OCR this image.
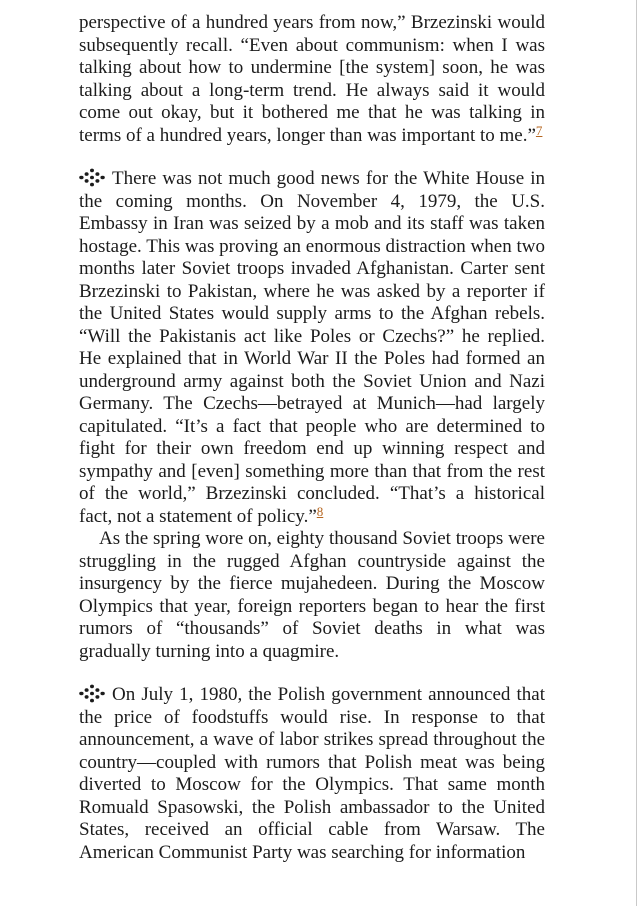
perspective of a hundred years from now,” Brzezinski would subsequently recall. “Even about communism: when I was talking about how to undermine [the system] soon, he was talking about a long-term trend. He always said it would come out okay, but it bothered me that he was talking in terms of a hundred years, longer than was important to me.”$^7$

There was not much good news for the White House in the coming months. On November 4, 1979, the U.S. Embassy in Iran was seized by a mob and its staff was taken hostage. This was proving an enormous distraction when two months later Soviet troops invaded Afghanistan. Carter sent Brzezinski to Pakistan, where he was asked by a reporter if the United States would supply arms to the Afghan rebels. “Will the Pakistanis act like Poles or Czechs?” he replied. He explained that in World War II the Poles had formed an underground army against both the Soviet Union and Nazi Germany. The Czechs—betrayed at Munich—had largely capitulated. “It’s a fact that people who are determined to fight for their own freedom end up winning respect and sympathy and [even] something more than that from the rest of the world,” Brzezinski concluded. “That’s a historical fact, not a statement of policy.”$^8$

As the spring wore on, eighty thousand Soviet troops were struggling in the rugged Afghan countryside against the insurgency by the fierce mujahedeen. During the Moscow Olympics that year, foreign reporters began to hear the first rumors of “thousands” of Soviet deaths in what was gradually turning into a quagmire.

On July 1, 1980, the Polish government announced that the price of foodstuffs would rise. In response to that announcement, a wave of labor strikes spread throughout the country—coupled with rumors that Polish meat was being diverted to Moscow for the Olympics. That same month Romuald Spasowski, the Polish ambassador to the United States, received an official cable from Warsaw. The American Communist Party was searching for information
